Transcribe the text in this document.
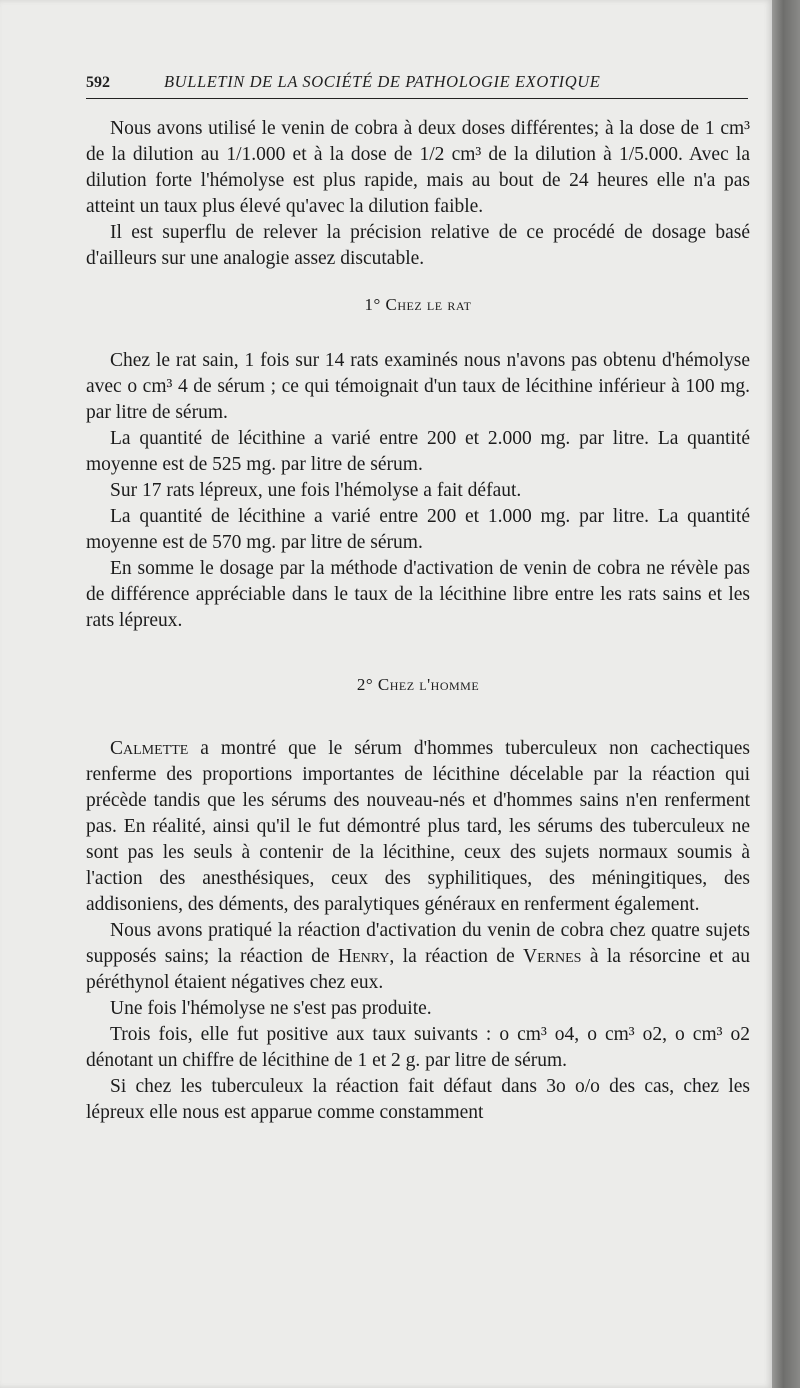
592	BULLETIN DE LA SOCIÉTÉ DE PATHOLOGIE EXOTIQUE

Nous avons utilisé le venin de cobra à deux doses différentes; à la dose de 1 cm³ de la dilution au 1/1.000 et à la dose de 1/2 cm³ de la dilution à 1/5.000. Avec la dilution forte l'hémolyse est plus rapide, mais au bout de 24 heures elle n'a pas atteint un taux plus élevé qu'avec la dilution faible.

Il est superflu de relever la précision relative de ce procédé de dosage basé d'ailleurs sur une analogie assez discutable.

1° Chez le rat

Chez le rat sain, 1 fois sur 14 rats examinés nous n'avons pas obtenu d'hémolyse avec o cm³ 4 de sérum ; ce qui témoignait d'un taux de lécithine inférieur à 100 mg. par litre de sérum.

La quantité de lécithine a varié entre 200 et 2.000 mg. par litre. La quantité moyenne est de 525 mg. par litre de sérum.

Sur 17 rats lépreux, une fois l'hémolyse a fait défaut.

La quantité de lécithine a varié entre 200 et 1.000 mg. par litre. La quantité moyenne est de 570 mg. par litre de sérum.

En somme le dosage par la méthode d'activation de venin de cobra ne révèle pas de différence appréciable dans le taux de la lécithine libre entre les rats sains et les rats lépreux.

2° Chez l'homme

Calmette a montré que le sérum d'hommes tuberculeux non cachectiques renferme des proportions importantes de lécithine décelable par la réaction qui précède tandis que les sérums des nouveau-nés et d'hommes sains n'en renferment pas. En réalité, ainsi qu'il le fut démontré plus tard, les sérums des tuberculeux ne sont pas les seuls à contenir de la lécithine, ceux des sujets normaux soumis à l'action des anesthésiques, ceux des syphilitiques, des méningitiques, des addisoniens, des déments, des paralytiques généraux en renferment également.

Nous avons pratiqué la réaction d'activation du venin de cobra chez quatre sujets supposés sains; la réaction de Henry, la réaction de Vernes à la résorcine et au péréthynol étaient négatives chez eux.

Une fois l'hémolyse ne s'est pas produite.

Trois fois, elle fut positive aux taux suivants : o cm³ o4, o cm³ o2, o cm³ o2 dénotant un chiffre de lécithine de 1 et 2 g. par litre de sérum.

Si chez les tuberculeux la réaction fait défaut dans 3o o/o des cas, chez les lépreux elle nous est apparue comme constamment
